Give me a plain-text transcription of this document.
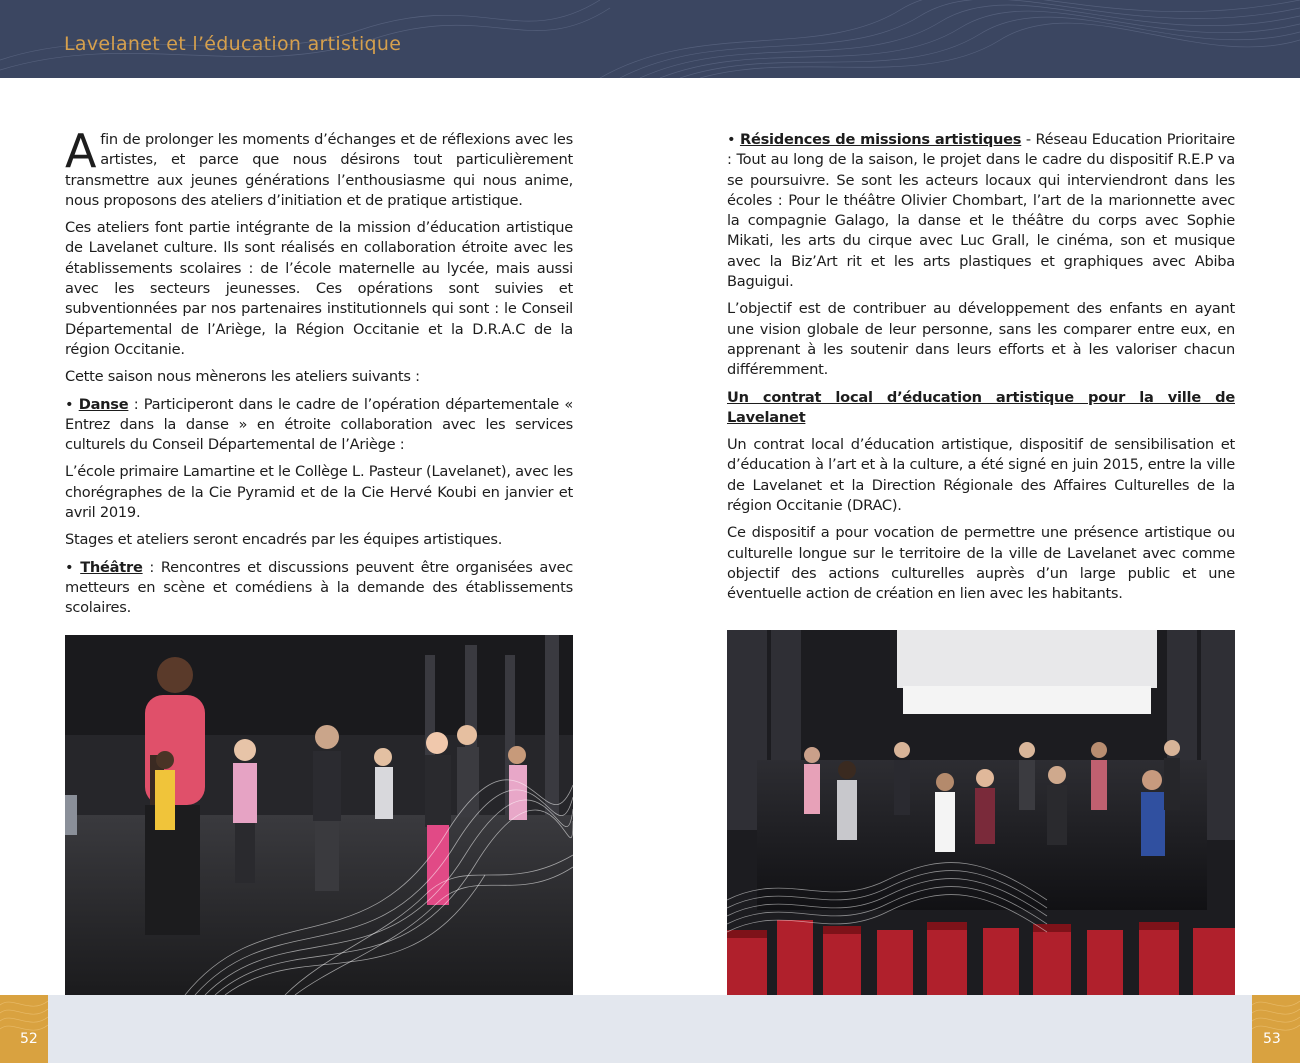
Lavelanet et l’éducation artistique

Afin de prolonger les moments d’échanges et de réflexions avec les artistes, et parce que nous désirons tout particulièrement transmettre aux jeunes générations l’enthousiasme qui nous anime, nous proposons des ateliers d’initiation et de pratique artistique.

Ces ateliers font partie intégrante de la mission d’éducation artistique de Lavelanet culture. Ils sont réalisés en collaboration étroite avec les établissements scolaires : de l’école maternelle au lycée, mais aussi avec les secteurs jeunesses. Ces opérations sont suivies et subventionnées par nos partenaires institutionnels qui sont : le Conseil Départemental de l’Ariège, la Région Occitanie et la D.R.A.C de la région Occitanie.

Cette saison nous mènerons les ateliers suivants :

• Danse : Participeront dans le cadre de l’opération départementale « Entrez dans la danse » en étroite collaboration avec les services culturels du Conseil Départemental de l’Ariège :

L’école primaire Lamartine et le Collège L. Pasteur (Lavelanet), avec les chorégraphes de la Cie Pyramid et de la Cie Hervé Koubi en janvier et avril 2019.

Stages et ateliers seront encadrés par les équipes artistiques.

• Théâtre : Rencontres et discussions peuvent être organisées avec metteurs en scène et comédiens à la demande des établissements scolaires.

• Résidences de missions artistiques - Réseau Education Prioritaire : Tout au long de la saison, le projet dans le cadre du dispositif R.E.P va se poursuivre. Se sont les acteurs locaux qui interviendront dans les écoles : Pour le théâtre Olivier Chombart, l’art de la marionnette avec la compagnie Galago, la danse et le théâtre du corps avec Sophie Mikati, les arts du cirque avec Luc Grall, le cinéma, son et musique avec la Biz’Art rit et les arts plastiques et graphiques avec Abiba Baguigui.

L’objectif est de contribuer au développement des enfants en ayant une vision globale de leur personne, sans les comparer entre eux, en apprenant à les soutenir dans leurs efforts et à les valoriser chacun différemment.

Un contrat local d’éducation artistique pour la ville de Lavelanet

Un contrat local d’éducation artistique, dispositif de sensibilisation et d’éducation à l’art et à la culture, a été signé en juin 2015, entre la ville de Lavelanet et la Direction Régionale des Affaires Culturelles de la région Occitanie (DRAC).

Ce dispositif a pour vocation de permettre une présence artistique ou culturelle longue sur le territoire de la ville de Lavelanet avec comme objectif des actions culturelles auprès d’un large public et une éventuelle action de création en lien avec les habitants.

52	53
